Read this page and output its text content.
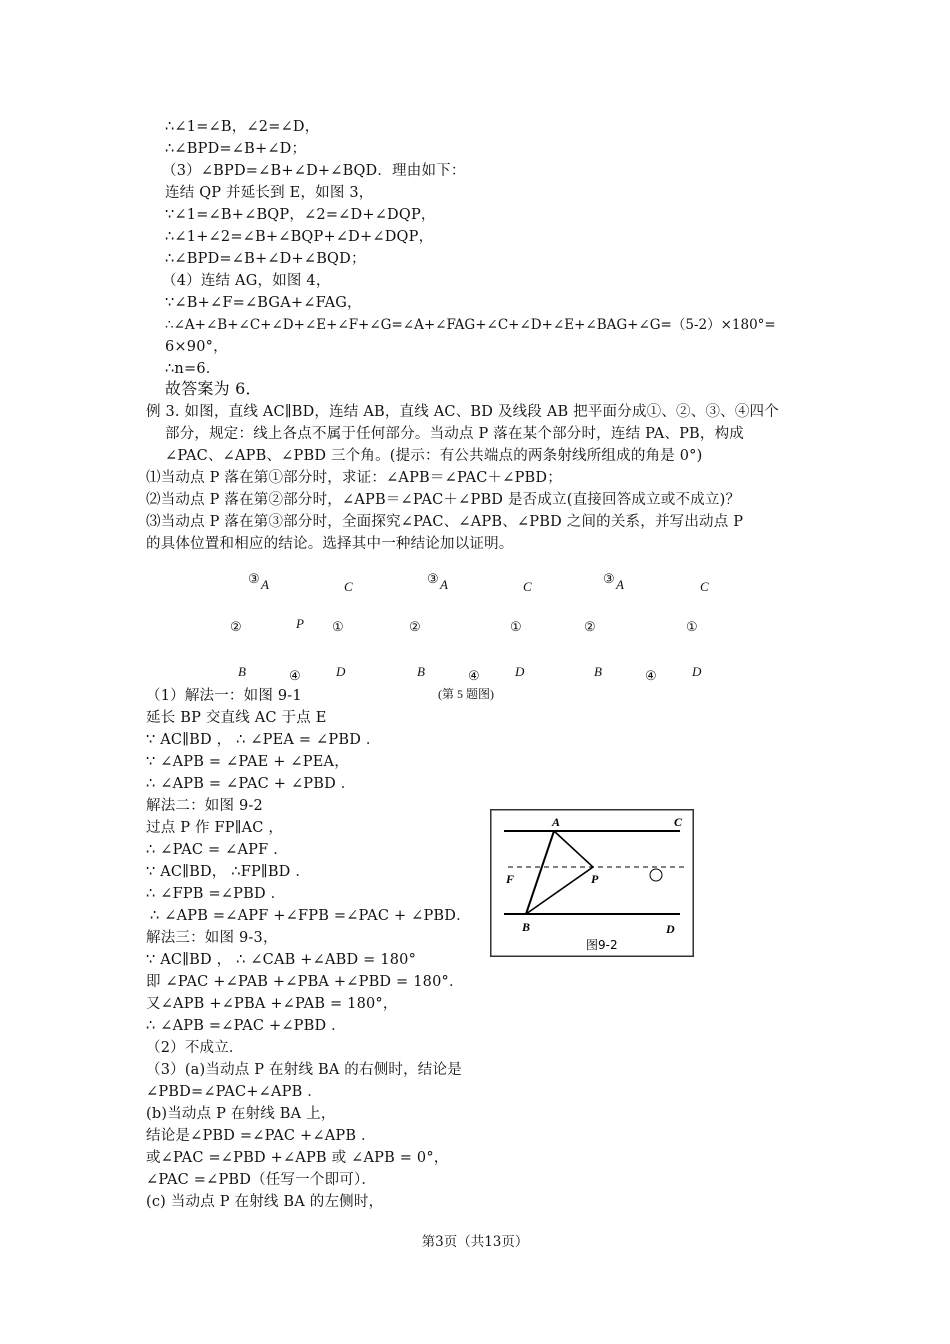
∴∠1=∠B，∠2=∠D，
∴∠BPD=∠B+∠D；
（3）∠BPD=∠B+∠D+∠BQD．理由如下：
连结 QP 并延长到 E，如图 3，
∵∠1=∠B+∠BQP，∠2=∠D+∠DQP，
∴∠1+∠2=∠B+∠BQP+∠D+∠DQP，
∴∠BPD=∠B+∠D+∠BQD；
（4）连结 AG，如图 4，
∵∠B+∠F=∠BGA+∠FAG，
∴∠A+∠B+∠C+∠D+∠E+∠F+∠G=∠A+∠FAG+∠C+∠D+∠E+∠BAG+∠G=（5-2）×180°=
6×90°，
∴n=6．
故答案为 6．
例 3. 如图，直线 AC∥BD，连结 AB，直线 AC、BD 及线段 AB 把平面分成①、②、③、④四个
部分，规定：线上各点不属于任何部分。当动点 P 落在某个部分时，连结 PA、PB，构成
∠PAC、∠APB、∠PBD 三个角。(提示：有公共端点的两条射线所组成的角是 0°)
⑴当动点 P 落在第①部分时，求证：∠APB＝∠PAC＋∠PBD；
⑵当动点 P 落在第②部分时，∠APB＝∠PAC＋∠PBD 是否成立(直接回答成立或不成立)？
⑶当动点 P 落在第③部分时，全面探究∠PAC、∠APB、∠PBD 之间的关系，并写出动点 P
的具体位置和相应的结论。选择其中一种结论加以证明。
③ A	C
②	P ①
B	④	D
③ A	C
②	①
B	④	D
③ A	C
②	①
B	④	D
(第 5 题图)
（1）解法一：如图 9-1
延长 BP 交直线 AC 于点 E
∵ AC∥BD ， ∴ ∠PEA = ∠PBD ．
∵ ∠APB = ∠PAE + ∠PEA，
∴ ∠APB = ∠PAC + ∠PBD ．
解法二：如图 9-2
过点 P 作 FP∥AC ，
∴ ∠PAC = ∠APF ．
∵ AC∥BD， ∴FP∥BD ．
∴ ∠FPB =∠PBD ．
∴ ∠APB =∠APF +∠FPB =∠PAC + ∠PBD．
解法三：如图 9-3，
∵ AC∥BD ， ∴ ∠CAB +∠ABD = 180°
即 ∠PAC +∠PAB +∠PBA +∠PBD = 180°．
又∠APB +∠PBA +∠PAB = 180°，
∴ ∠APB =∠PAC +∠PBD ．
（2）不成立．
（3）(a)当动点 P 在射线 BA 的右侧时，结论是
∠PBD=∠PAC+∠APB ．
(b)当动点 P 在射线 BA 上，
结论是∠PBD =∠PAC +∠APB ．
或∠PAC =∠PBD +∠APB 或 ∠APB = 0°，
∠PAC =∠PBD（任写一个即可）．
(c) 当动点 P 在射线 BA 的左侧时，
A	C
F	P
B	D
图9-2
第3页（共13页）
